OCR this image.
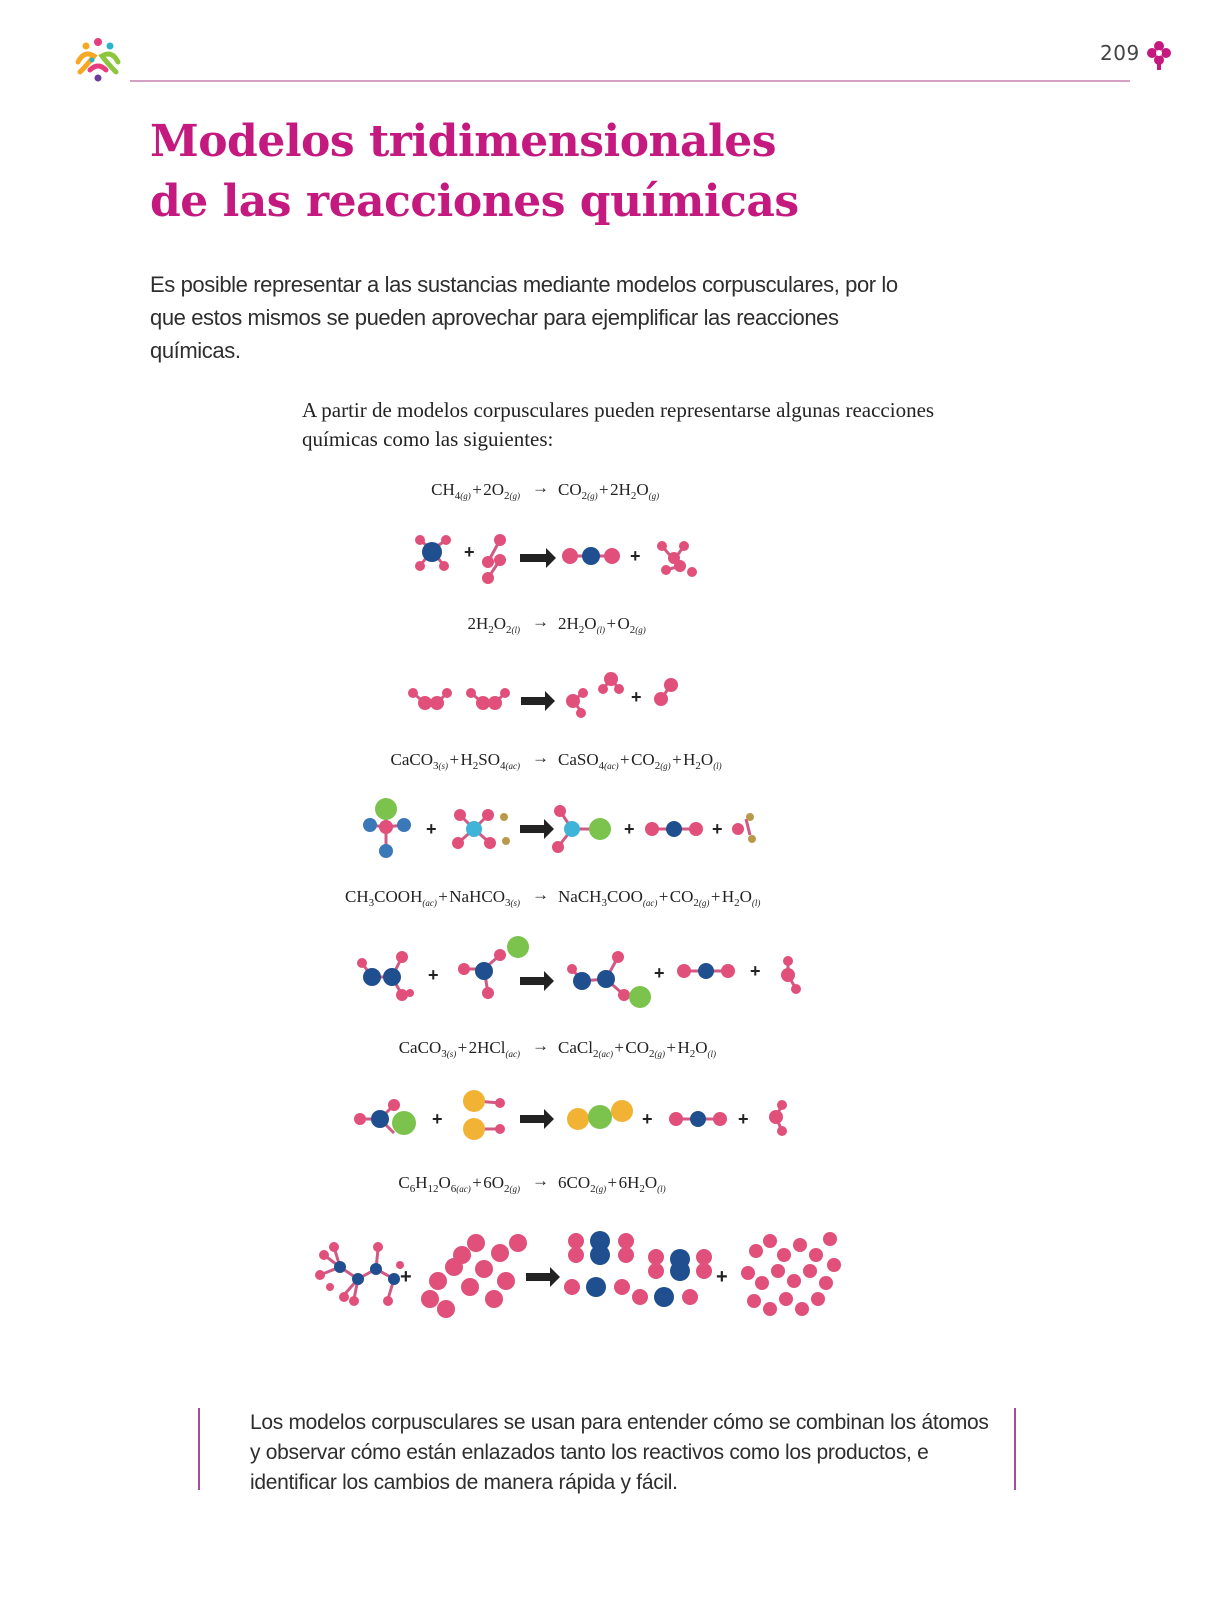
209
Modelos tridimensionales
de las reacciones químicas

Es posible representar a las sustancias mediante modelos corpusculares, por lo que estos mismos se pueden aprovechar para ejemplificar las reacciones químicas.

A partir de modelos corpusculares pueden representarse algunas reacciones químicas como las siguientes:

$CH_{4(g)}$ + $2O_{2(g)} \to CO_{2(g)}$ + $2H_2O_{(g)}$
$2H_2O_{2(l)} \to 2H_2O_{(l)}$ + $O_{2(g)}$
CaCO$_{3(s)}$ + $H_2SO_{4(ac)}$ → CaSO$_{4(ac)}$ + $CO_{2(g)}$ + $H_2O_{(l)}$
$CH_3COOH_{(ac)}$ + NaHCO$_{3(s)}$ → $NaCH_3COO_{(ac)}$ + $CO_{2(g)}$ + $H_2O_{(l)}$
CaCO$_{3(s)}$ + 2HCl$_{(ac)}$ → CaCl$_{2(ac)}$ + $CO_{2(g)}$ + $H_2O_{(l)}$
$C_6H_{12}O_{6(ac)}$ + $6O_{2(g)} \to 6CO_{2(g)}$ + $6H_2O_{(l)}$
+	+
+
+	+	+
+	+	+
+	+	+
+	+

Los modelos corpusculares se usan para entender cómo se combinan los átomos y observar cómo están enlazados tanto los reactivos como los productos, e identificar los cambios de manera rápida y fácil.
